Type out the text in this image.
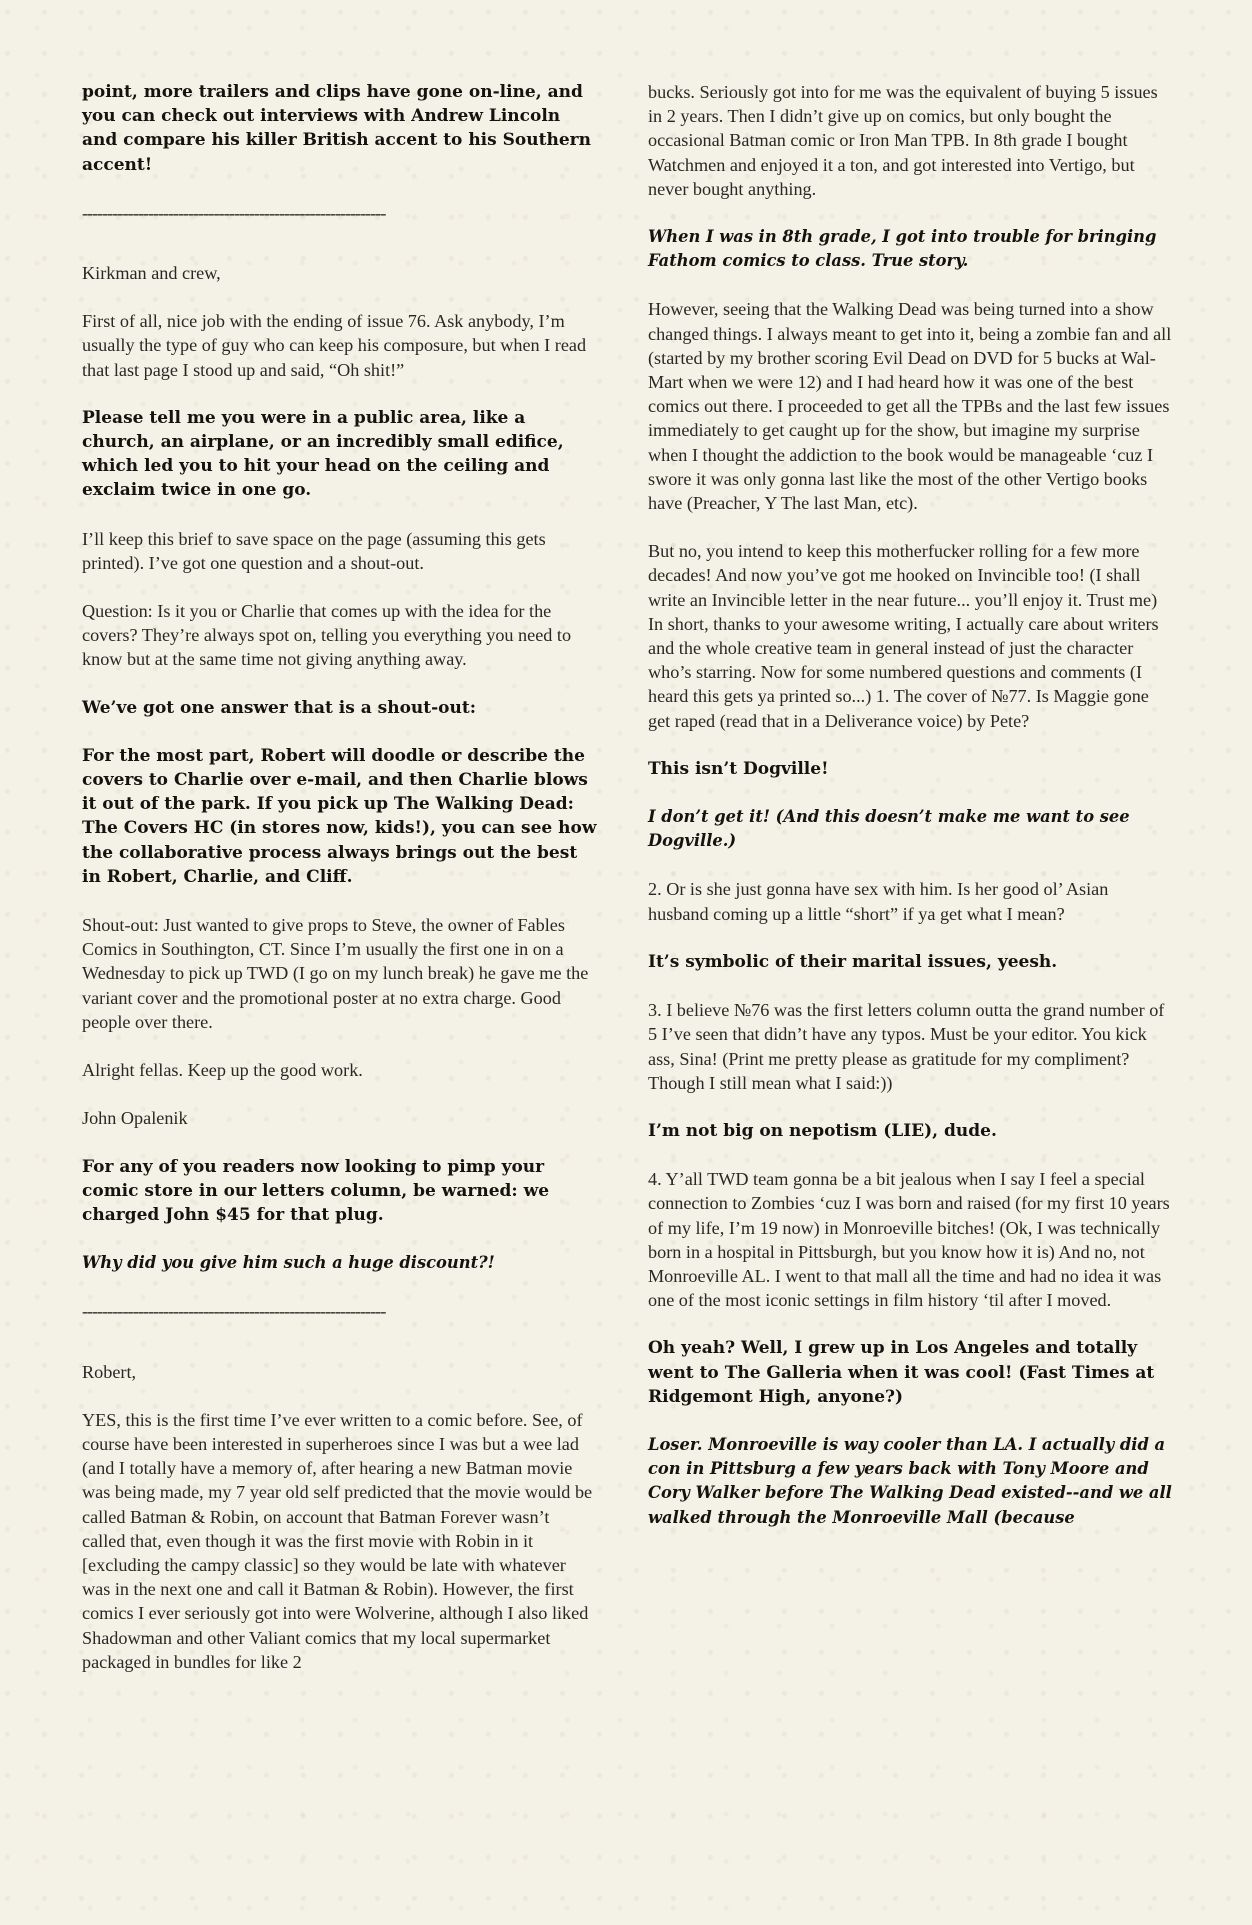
point, more trailers and clips have gone on-line, and you can check out interviews with Andrew Lincoln and compare his killer British accent to his Southern accent!

------------------------------------------------------------

Kirkman and crew,

First of all, nice job with the ending of issue 76. Ask anybody, I’m usually the type of guy who can keep his composure, but when I read that last page I stood up and said, “Oh shit!”

Please tell me you were in a public area, like a church, an airplane, or an incredibly small edifice, which led you to hit your head on the ceiling and exclaim twice in one go.

I’ll keep this brief to save space on the page (assuming this gets printed). I’ve got one question and a shout-out.

Question: Is it you or Charlie that comes up with the idea for the covers? They’re always spot on, telling you everything you need to know but at the same time not giving anything away.

We’ve got one answer that is a shout-out:

For the most part, Robert will doodle or describe the covers to Charlie over e-mail, and then Charlie blows it out of the park. If you pick up The Walking Dead: The Covers HC (in stores now, kids!), you can see how the collaborative process always brings out the best in Robert, Charlie, and Cliff.

Shout-out: Just wanted to give props to Steve, the owner of Fables Comics in Southington, CT. Since I’m usually the first one in on a Wednesday to pick up TWD (I go on my lunch break) he gave me the variant cover and the promotional poster at no extra charge. Good people over there.

Alright fellas. Keep up the good work.

John Opalenik

For any of you readers now looking to pimp your comic store in our letters column, be warned: we charged John $45 for that plug.

Why did you give him such a huge discount?!

------------------------------------------------------------

Robert,

YES, this is the first time I’ve ever written to a comic before. See, of course have been interested in superheroes since I was but a wee lad (and I totally have a memory of, after hearing a new Batman movie was being made, my 7 year old self predicted that the movie would be called Batman & Robin, on account that Batman Forever wasn’t called that, even though it was the first movie with Robin in it [excluding the campy classic] so they would be late with whatever was in the next one and call it Batman & Robin). However, the first comics I ever seriously got into were Wolverine, although I also liked Shadowman and other Valiant comics that my local supermarket packaged in bundles for like 2

bucks. Seriously got into for me was the equivalent of buying 5 issues in 2 years. Then I didn’t give up on comics, but only bought the occasional Batman comic or Iron Man TPB. In 8th grade I bought Watchmen and enjoyed it a ton, and got interested into Vertigo, but never bought anything.

When I was in 8th grade, I got into trouble for bringing Fathom comics to class. True story.

However, seeing that the Walking Dead was being turned into a show changed things. I always meant to get into it, being a zombie fan and all (started by my brother scoring Evil Dead on DVD for 5 bucks at Wal-Mart when we were 12) and I had heard how it was one of the best comics out there. I proceeded to get all the TPBs and the last few issues immediately to get caught up for the show, but imagine my surprise when I thought the addiction to the book would be manageable ‘cuz I swore it was only gonna last like the most of the other Vertigo books have (Preacher, Y The last Man, etc).

But no, you intend to keep this motherfucker rolling for a few more decades! And now you’ve got me hooked on Invincible too! (I shall write an Invincible letter in the near future... you’ll enjoy it. Trust me) In short, thanks to your awesome writing, I actually care about writers and the whole creative team in general instead of just the character who’s starring. Now for some numbered questions and comments (I heard this gets ya printed so...) 1. The cover of №77. Is Maggie gone get raped (read that in a Deliverance voice) by Pete?

This isn’t Dogville!

I don’t get it! (And this doesn’t make me want to see Dogville.)

2. Or is she just gonna have sex with him. Is her good ol’ Asian husband coming up a little “short” if ya get what I mean?

It’s symbolic of their marital issues, yeesh.

3. I believe №76 was the first letters column outta the grand number of 5 I’ve seen that didn’t have any typos. Must be your editor. You kick ass, Sina! (Print me pretty please as gratitude for my compliment? Though I still mean what I said:))

I’m not big on nepotism (LIE), dude.

4. Y’all TWD team gonna be a bit jealous when I say I feel a special connection to Zombies ‘cuz I was born and raised (for my first 10 years of my life, I’m 19 now) in Monroeville bitches! (Ok, I was technically born in a hospital in Pittsburgh, but you know how it is) And no, not Monroeville AL. I went to that mall all the time and had no idea it was one of the most iconic settings in film history ‘til after I moved.

Oh yeah? Well, I grew up in Los Angeles and totally went to The Galleria when it was cool! (Fast Times at Ridgemont High, anyone?)

Loser. Monroeville is way cooler than LA. I actually did a con in Pittsburg a few years back with Tony Moore and Cory Walker before The Walking Dead existed--and we all walked through the Monroeville Mall (because
